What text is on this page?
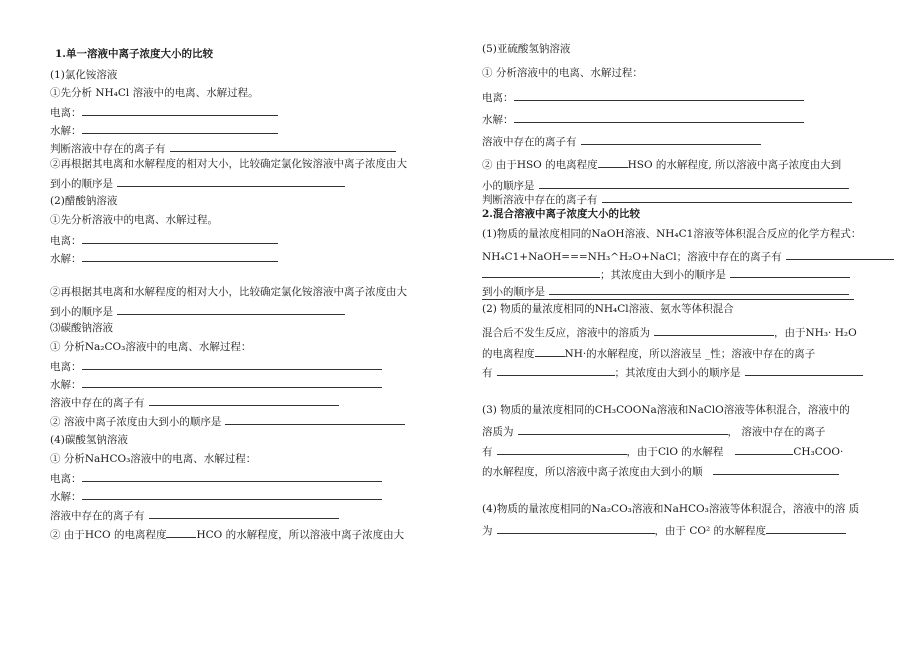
1.单一溶液中离子浓度大小的比较
(1)氯化铵溶液
①先分析 NH₄Cl 溶液中的电离、水解过程。
电离：
水解：
判断溶液中存在的离子有
②再根据其电离和水解程度的相对大小，比较确定氯化铵溶液中离子浓度由大
到小的顺序是
(2)醋酸钠溶液
①先分析溶液中的电离、水解过程。
电离：
水解：
②再根据其电离和水解程度的相对大小，比较确定氯化铵溶液中离子浓度由大
到小的顺序是
⑶碳酸钠溶液
① 分析Na₂CO₃溶液中的电离、水解过程：
电离：
水解：
溶液中存在的离子有
② 溶液中离子浓度由大到小的顺序是
(4)碳酸氢钠溶液
① 分析NaHCO₃溶液中的电离、水解过程：
电离：
水解：
溶液中存在的离子有
② 由于HCO 的电离程度	HCO 的水解程度，所以溶液中离子浓度由大
(5)亚硫酸氢钠溶液
① 分析溶液中的电离、水解过程：
电离：
水解：
溶液中存在的离子有
② 由于HSO 的电离程度	HSO 的水解程度, 所以溶液中离子浓度由大到
小的顺序是
判断溶液中存在的离子有
2.混合溶液中离子浓度大小的比较
(1)物质的量浓度相同的NaOH溶液、NH₄C1溶液等体积混合反应的化学方程式：
NH₄C1+NaOH===NH₃^H₂O+NaCl；溶液中存在的离子有
；其浓度由大到小的顺序是
到小的顺序是
(2) 物质的量浓度相同的NH₄Cl溶液、氨水等体积混合
混合后不发生反应，溶液中的溶质为	，由于NH₃· H₂O
的电离程度	NH·的水解程度，所以溶液呈 _性；溶液中存在的离子
有	；其浓度由大到小的顺序是
(3) 物质的量浓度相同的CH₃COONa溶液和NaClO溶液等体积混合，溶液中的
溶质为	， 溶液中存在的离子
有	，由于ClO 的水解程	CH₃COO·
的水解程度，所以溶液中离子浓度由大到小的顺
(4)物质的量浓度相同的Na₂CO₃溶液和NaHCO₃溶液等体积混合，溶液中的溶 质
为	，由于 CO² 的水解程度
